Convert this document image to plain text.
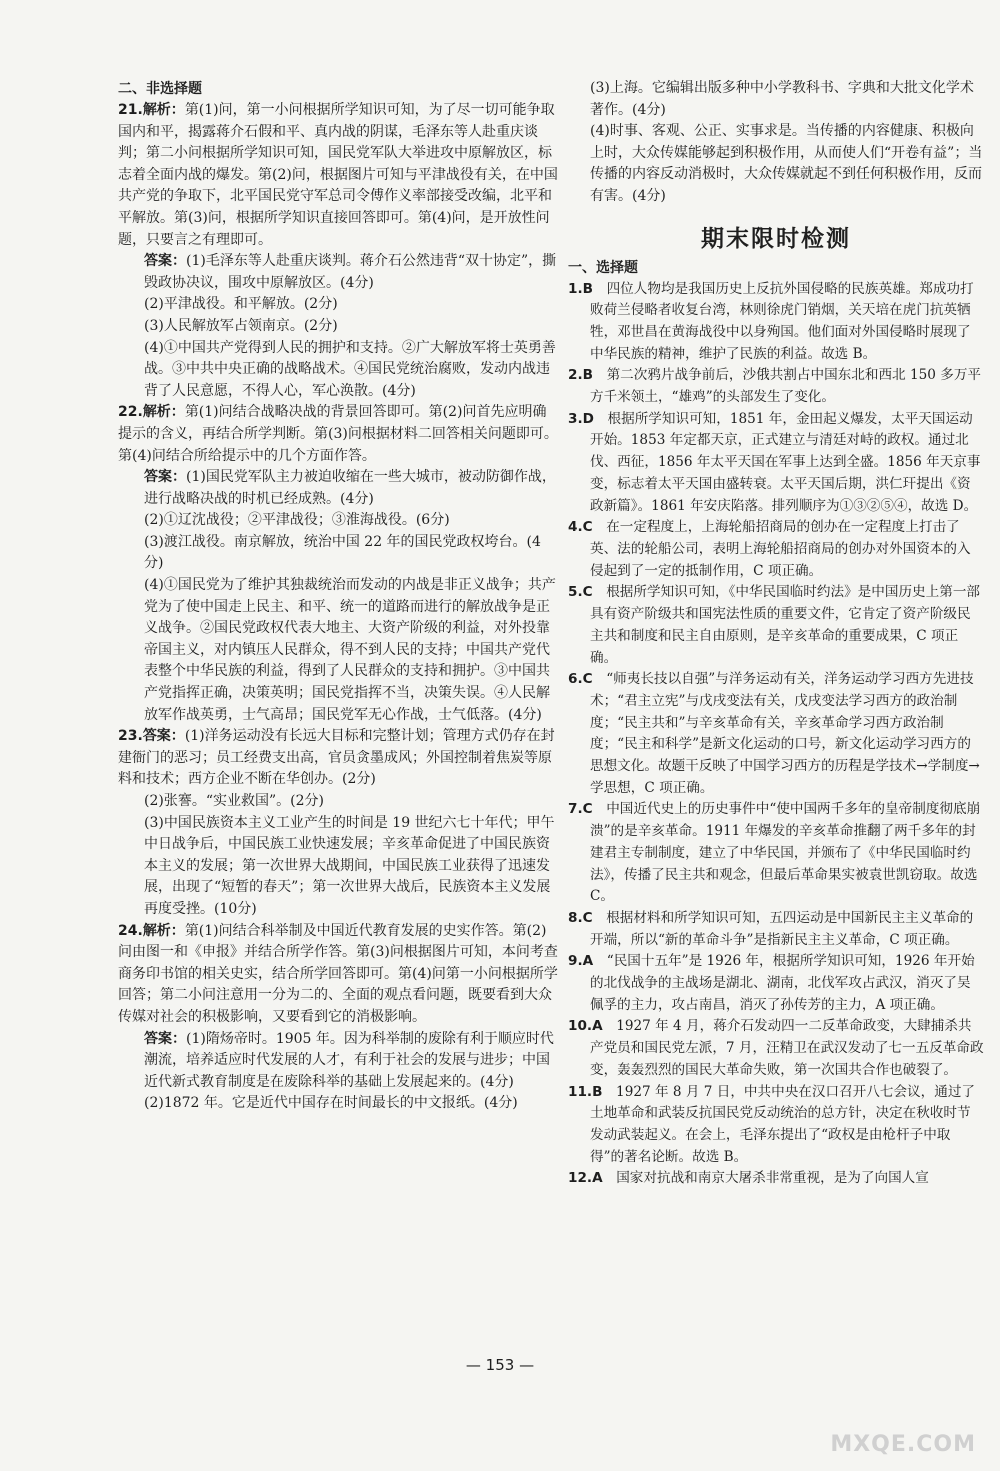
二、非选择题

21.解析：第(1)问，第一小问根据所学知识可知，为了尽一切可能争取国内和平，揭露蒋介石假和平、真内战的阴谋，毛泽东等人赴重庆谈判；第二小问根据所学知识可知，国民党军队大举进攻中原解放区，标志着全面内战的爆发。第(2)问，根据图片可知与平津战役有关，在中国共产党的争取下，北平国民党守军总司令傅作义率部接受改编，北平和平解放。第(3)问，根据所学知识直接回答即可。第(4)问，是开放性问题，只要言之有理即可。
答案：(1)毛泽东等人赴重庆谈判。蒋介石公然违背“双十协定”，撕毁政协决议，围攻中原解放区。(4分)
(2)平津战役。和平解放。(2分)
(3)人民解放军占领南京。(2分)
(4)①中国共产党得到人民的拥护和支持。②广大解放军将士英勇善战。③中共中央正确的战略战术。④国民党统治腐败，发动内战违背了人民意愿，不得人心，军心涣散。(4分)
22.解析：第(1)问结合战略决战的背景回答即可。第(2)问首先应明确提示的含义，再结合所学判断。第(3)问根据材料二回答相关问题即可。第(4)问结合所给提示中的几个方面作答。
答案：(1)国民党军队主力被迫收缩在一些大城市，被动防御作战，进行战略决战的时机已经成熟。(4分)
(2)①辽沈战役；②平津战役；③淮海战役。(6分)
(3)渡江战役。南京解放，统治中国 22 年的国民党政权垮台。(4分)
(4)①国民党为了维护其独裁统治而发动的内战是非正义战争；共产党为了使中国走上民主、和平、统一的道路而进行的解放战争是正义战争。②国民党政权代表大地主、大资产阶级的利益，对外投靠帝国主义，对内镇压人民群众，得不到人民的支持；中国共产党代表整个中华民族的利益，得到了人民群众的支持和拥护。③中国共产党指挥正确，决策英明；国民党指挥不当，决策失误。④人民解放军作战英勇，士气高昂；国民党军无心作战，士气低落。(4分)
23.答案：(1)洋务运动没有长远大目标和完整计划；管理方式仍存在封建衙门的恶习；员工经费支出高，官员贪墨成风；外国控制着焦炭等原料和技术；西方企业不断在华创办。(2分)
(2)张謇。“实业救国”。(2分)
(3)中国民族资本主义工业产生的时间是 19 世纪六七十年代；甲午中日战争后，中国民族工业快速发展；辛亥革命促进了中国民族资本主义的发展；第一次世界大战期间，中国民族工业获得了迅速发展，出现了“短暂的春天”；第一次世界大战后，民族资本主义发展再度受挫。(10分)
24.解析：第(1)问结合科举制及中国近代教育发展的史实作答。第(2)问由图一和《申报》并结合所学作答。第(3)问根据图片可知，本问考查商务印书馆的相关史实，结合所学回答即可。第(4)问第一小问根据所学回答；第二小问注意用一分为二的、全面的观点看问题，既要看到大众传媒对社会的积极影响，又要看到它的消极影响。
答案：(1)隋炀帝时。1905 年。因为科举制的废除有利于顺应时代潮流，培养适应时代发展的人才，有利于社会的发展与进步；中国近代新式教育制度是在废除科举的基础上发展起来的。(4分)
(2)1872 年。它是近代中国存在时间最长的中文报纸。(4分)

(3)上海。它编辑出版多种中小学教科书、字典和大批文化学术著作。(4分)

(4)时事、客观、公正、实事求是。当传播的内容健康、积极向上时，大众传媒能够起到积极作用，从而使人们“开卷有益”；当传播的内容反动消极时，大众传媒就起不到任何积极作用，反而有害。(4分)

期末限时检测

一、选择题

1.B  四位人物均是我国历史上反抗外国侵略的民族英雄。郑成功打败荷兰侵略者收复台湾，林则徐虎门销烟，关天培在虎门抗英牺牲，邓世昌在黄海战役中以身殉国。他们面对外国侵略时展现了中华民族的精神，维护了民族的利益。故选 B。

2.B  第二次鸦片战争前后，沙俄共割占中国东北和西北 150 多万平方千米领土，“雄鸡”的头部发生了变化。

3.D  根据所学知识可知，1851 年，金田起义爆发，太平天国运动开始。1853 年定都天京，正式建立与清廷对峙的政权。通过北伐、西征，1856 年太平天国在军事上达到全盛。1856 年天京事变，标志着太平天国由盛转衰。太平天国后期，洪仁玕提出《资政新篇》。1861 年安庆陷落。排列顺序为①③②⑤④，故选 D。

4.C  在一定程度上，上海轮船招商局的创办在一定程度上打击了英、法的轮船公司，表明上海轮船招商局的创办对外国资本的入侵起到了一定的抵制作用，C 项正确。

5.C  根据所学知识可知，《中华民国临时约法》是中国历史上第一部具有资产阶级共和国宪法性质的重要文件，它肯定了资产阶级民主共和制度和民主自由原则，是辛亥革命的重要成果，C 项正确。

6.C  “师夷长技以自强”与洋务运动有关，洋务运动学习西方先进技术；“君主立宪”与戊戌变法有关，戊戌变法学习西方的政治制度；“民主共和”与辛亥革命有关，辛亥革命学习西方政治制度；“民主和科学”是新文化运动的口号，新文化运动学习西方的思想文化。故题干反映了中国学习西方的历程是学技术→学制度→学思想，C 项正确。

7.C  中国近代史上的历史事件中“使中国两千多年的皇帝制度彻底崩溃”的是辛亥革命。1911 年爆发的辛亥革命推翻了两千多年的封建君主专制制度，建立了中华民国，并颁布了《中华民国临时约法》，传播了民主共和观念，但最后革命果实被袁世凯窃取。故选 C。

8.C  根据材料和所学知识可知，五四运动是中国新民主主义革命的开端，所以“新的革命斗争”是指新民主主义革命，C 项正确。

9.A  “民国十五年”是 1926 年，根据所学知识可知，1926 年开始的北伐战争的主战场是湖北、湖南，北伐军攻占武汉，消灭了吴佩孚的主力，攻占南昌，消灭了孙传芳的主力，A 项正确。

10.A  1927 年 4 月，蒋介石发动四一二反革命政变，大肆捕杀共产党员和国民党左派，7 月，汪精卫在武汉发动了七一五反革命政变，轰轰烈烈的国民大革命失败，第一次国共合作也破裂了。

11.B  1927 年 8 月 7 日，中共中央在汉口召开八七会议，通过了土地革命和武装反抗国民党反动统治的总方针，决定在秋收时节发动武装起义。在会上，毛泽东提出了“政权是由枪杆子中取得”的著名论断。故选 B。

12.A  国家对抗战和南京大屠杀非常重视，是为了向国人宣

— 153 —
MXQE.COM
